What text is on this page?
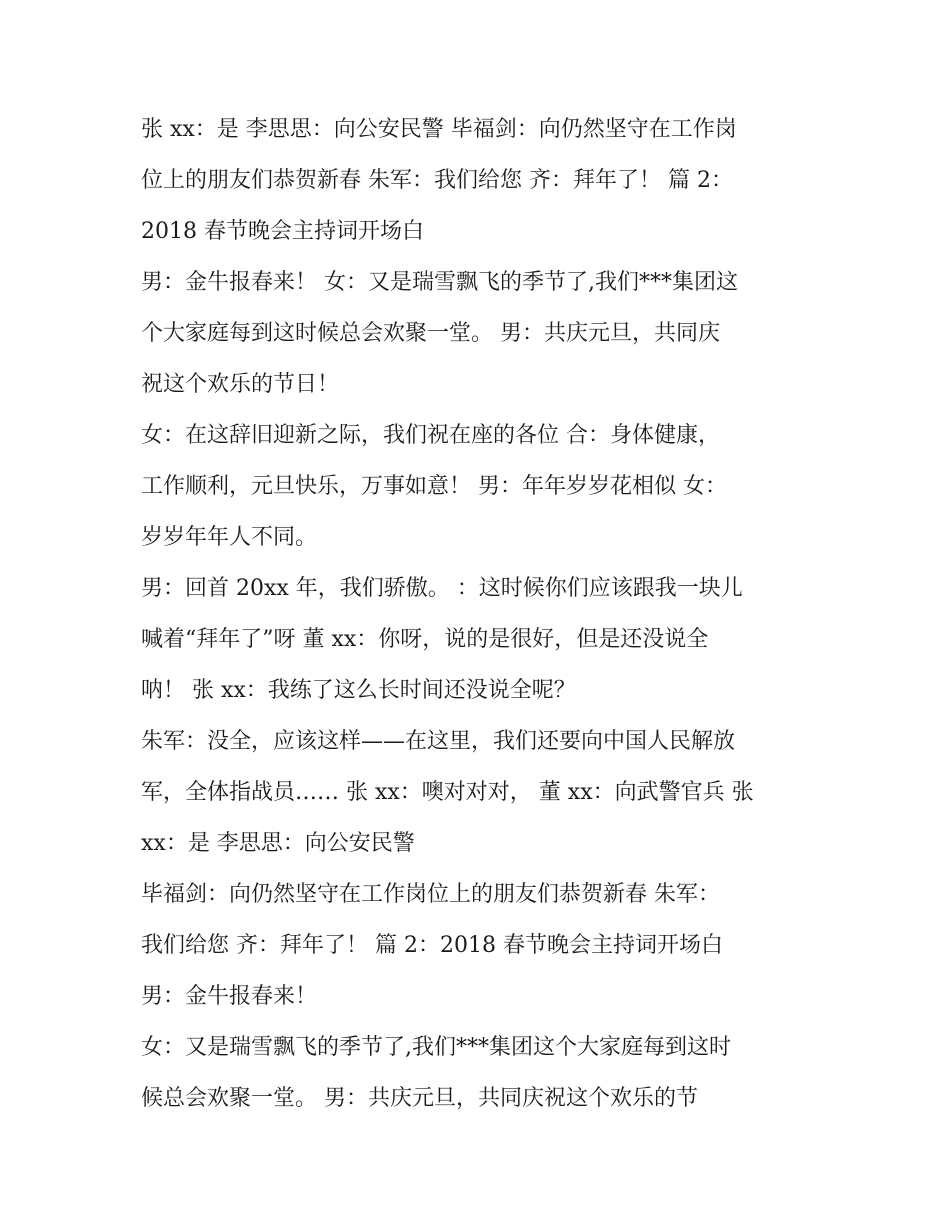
张 xx：是 李思思：向公安民警 毕福剑：向仍然坚守在工作岗
位上的朋友们恭贺新春 朱军：我们给您 齐：拜年了！ 篇 2：
2018 春节晚会主持词开场白
男：金牛报春来！ 女：又是瑞雪飘飞的季节了,我们***集团这
个大家庭每到这时候总会欢聚一堂。 男：共庆元旦，共同庆
祝这个欢乐的节日！
女：在这辞旧迎新之际，我们祝在座的各位 合：身体健康，
工作顺利，元旦快乐，万事如意！ 男：年年岁岁花相似 女：
岁岁年年人不同。
男：回首 20xx 年，我们骄傲。 ：这时候你们应该跟我一块儿
喊着“拜年了”呀 董 xx：你呀，说的是很好，但是还没说全
呐！ 张 xx：我练了这么长时间还没说全呢？
朱军：没全，应该这样——在这里，我们还要向中国人民解放
军，全体指战员…… 张 xx：噢对对对， 董 xx：向武警官兵 张
xx：是 李思思：向公安民警
毕福剑：向仍然坚守在工作岗位上的朋友们恭贺新春 朱军：
我们给您 齐：拜年了！ 篇 2：2018 春节晚会主持词开场白
男：金牛报春来！
女：又是瑞雪飘飞的季节了,我们***集团这个大家庭每到这时
候总会欢聚一堂。 男：共庆元旦，共同庆祝这个欢乐的节
